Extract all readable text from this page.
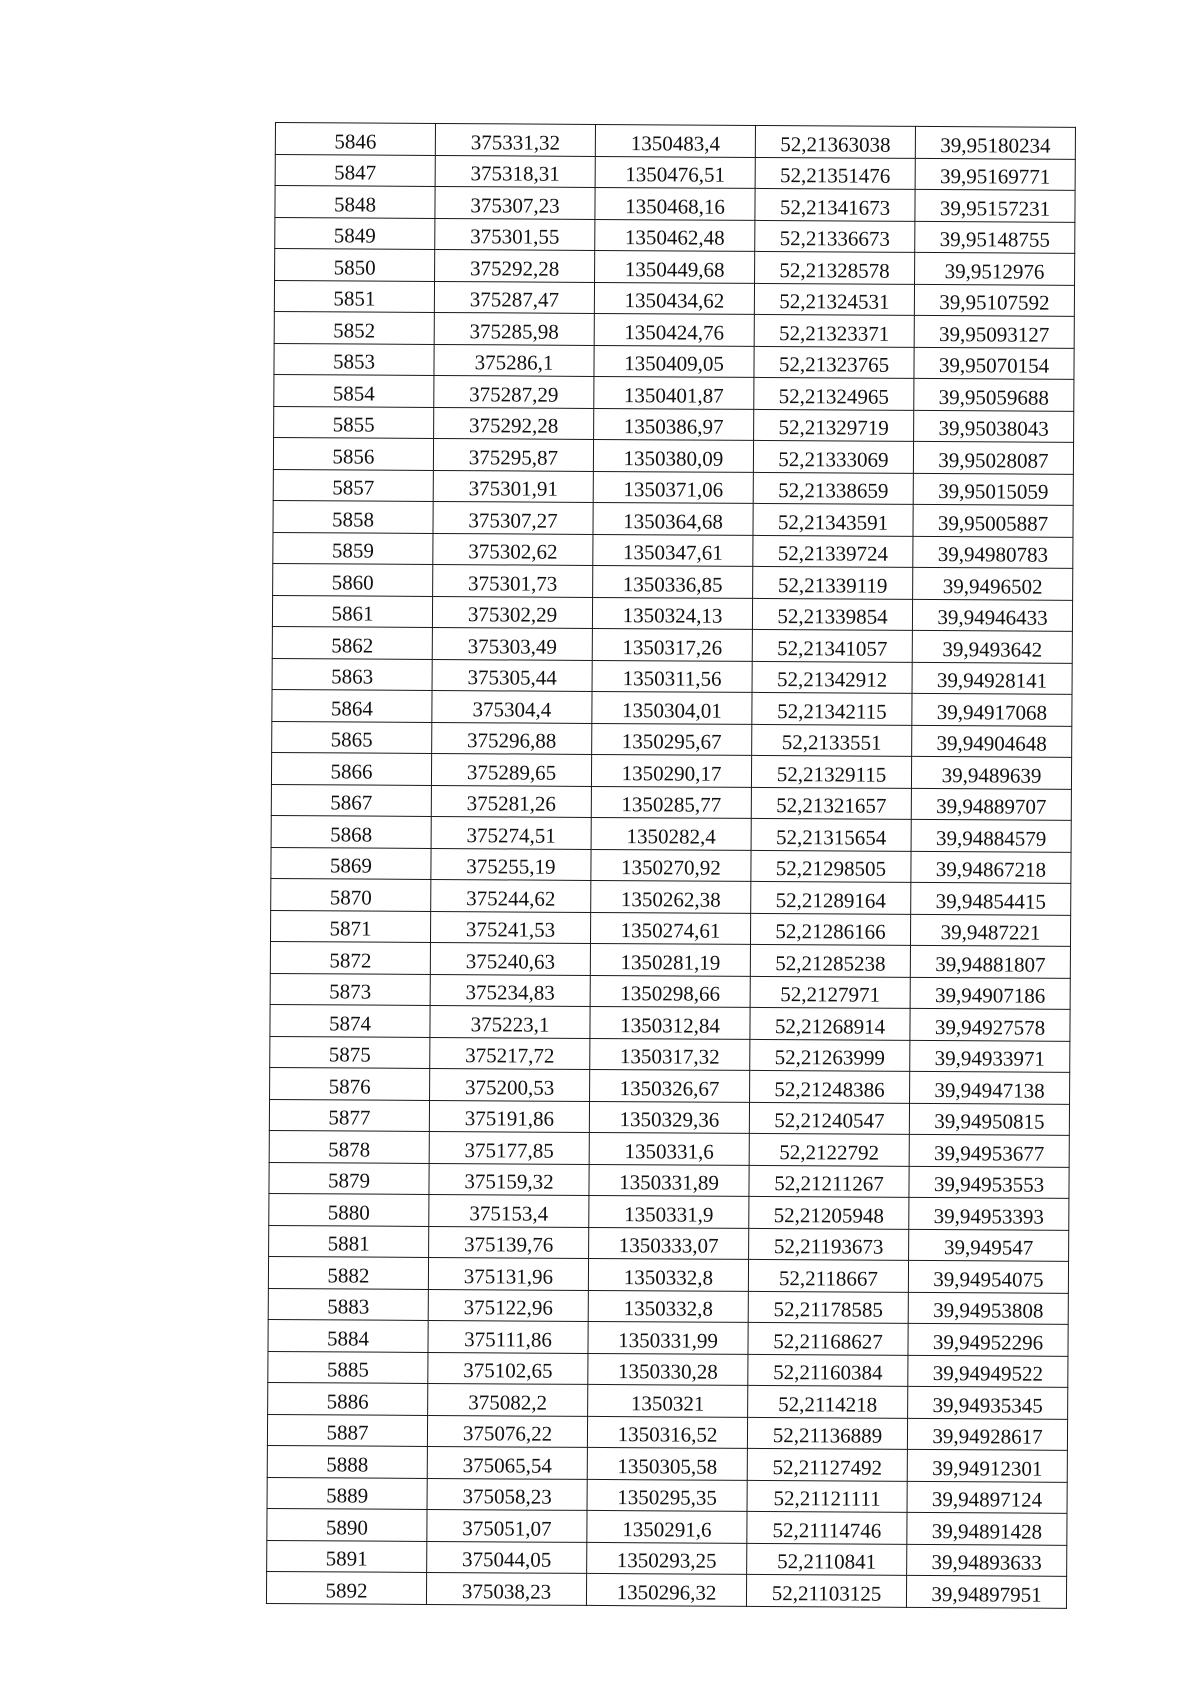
5846	375331,32	1350483,4	52,21363038	39,95180234
5847	375318,31	1350476,51	52,21351476	39,95169771
5848	375307,23	1350468,16	52,21341673	39,95157231
5849	375301,55	1350462,48	52,21336673	39,95148755
5850	375292,28	1350449,68	52,21328578	39,9512976
5851	375287,47	1350434,62	52,21324531	39,95107592
5852	375285,98	1350424,76	52,21323371	39,95093127
5853	375286,1	1350409,05	52,21323765	39,95070154
5854	375287,29	1350401,87	52,21324965	39,95059688
5855	375292,28	1350386,97	52,21329719	39,95038043
5856	375295,87	1350380,09	52,21333069	39,95028087
5857	375301,91	1350371,06	52,21338659	39,95015059
5858	375307,27	1350364,68	52,21343591	39,95005887
5859	375302,62	1350347,61	52,21339724	39,94980783
5860	375301,73	1350336,85	52,21339119	39,9496502
5861	375302,29	1350324,13	52,21339854	39,94946433
5862	375303,49	1350317,26	52,21341057	39,9493642
5863	375305,44	1350311,56	52,21342912	39,94928141
5864	375304,4	1350304,01	52,21342115	39,94917068
5865	375296,88	1350295,67	52,2133551	39,94904648
5866	375289,65	1350290,17	52,21329115	39,9489639
5867	375281,26	1350285,77	52,21321657	39,94889707
5868	375274,51	1350282,4	52,21315654	39,94884579
5869	375255,19	1350270,92	52,21298505	39,94867218
5870	375244,62	1350262,38	52,21289164	39,94854415
5871	375241,53	1350274,61	52,21286166	39,9487221
5872	375240,63	1350281,19	52,21285238	39,94881807
5873	375234,83	1350298,66	52,2127971	39,94907186
5874	375223,1	1350312,84	52,21268914	39,94927578
5875	375217,72	1350317,32	52,21263999	39,94933971
5876	375200,53	1350326,67	52,21248386	39,94947138
5877	375191,86	1350329,36	52,21240547	39,94950815
5878	375177,85	1350331,6	52,2122792	39,94953677
5879	375159,32	1350331,89	52,21211267	39,94953553
5880	375153,4	1350331,9	52,21205948	39,94953393
5881	375139,76	1350333,07	52,21193673	39,949547
5882	375131,96	1350332,8	52,2118667	39,94954075
5883	375122,96	1350332,8	52,21178585	39,94953808
5884	375111,86	1350331,99	52,21168627	39,94952296
5885	375102,65	1350330,28	52,21160384	39,94949522
5886	375082,2	1350321	52,2114218	39,94935345
5887	375076,22	1350316,52	52,21136889	39,94928617
5888	375065,54	1350305,58	52,21127492	39,94912301
5889	375058,23	1350295,35	52,21121111	39,94897124
5890	375051,07	1350291,6	52,21114746	39,94891428
5891	375044,05	1350293,25	52,2110841	39,94893633
5892	375038,23	1350296,32	52,21103125	39,94897951
